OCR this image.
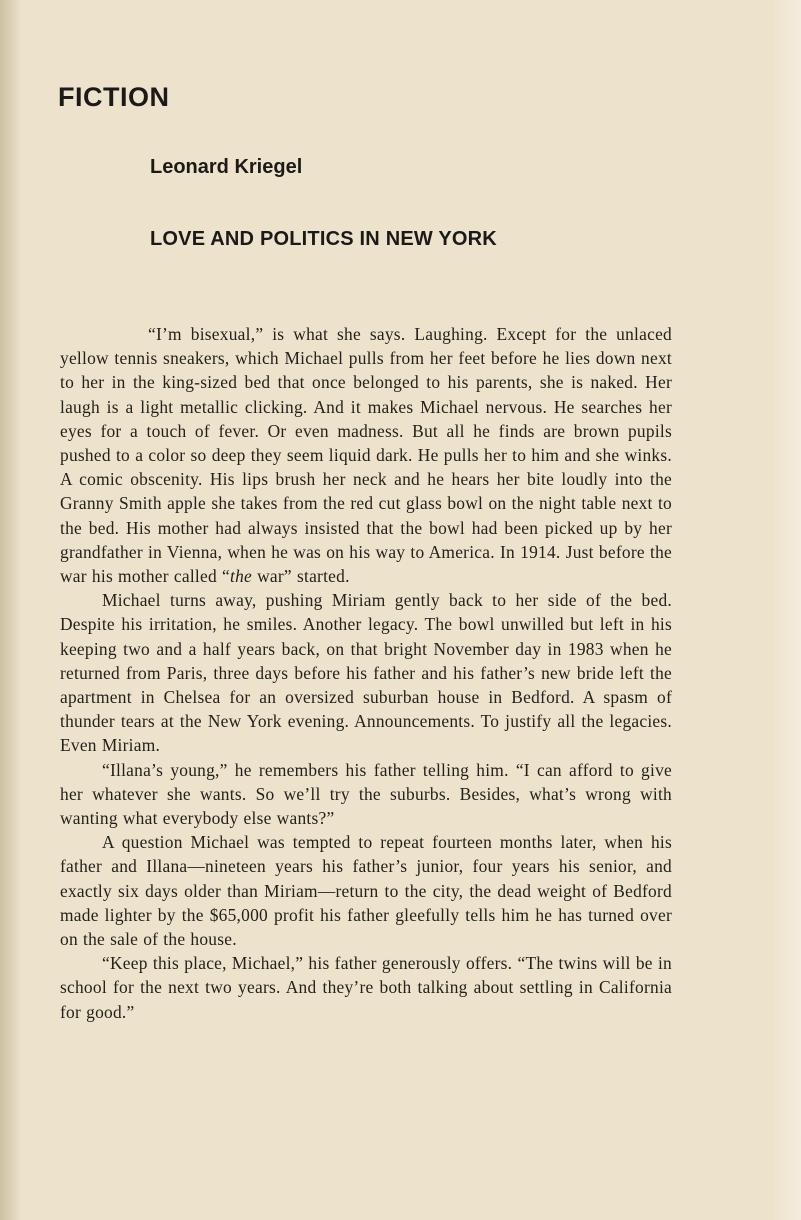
FICTION
Leonard Kriegel
LOVE AND POLITICS IN NEW YORK

“I’m bisexual,” is what she says. Laughing. Except for the unlaced yellow tennis sneakers, which Michael pulls from her feet before he lies down next to her in the king-sized bed that once belonged to his parents, she is naked. Her laugh is a light metallic clicking. And it makes Michael nervous. He searches her eyes for a touch of fever. Or even madness. But all he finds are brown pupils pushed to a color so deep they seem liquid dark. He pulls her to him and she winks. A comic obscenity. His lips brush her neck and he hears her bite loudly into the Granny Smith apple she takes from the red cut glass bowl on the night table next to the bed. His mother had always insisted that the bowl had been picked up by her grandfather in Vienna, when he was on his way to America. In 1914. Just before the war his mother called “the war” started.

Michael turns away, pushing Miriam gently back to her side of the bed. Despite his irritation, he smiles. Another legacy. The bowl unwilled but left in his keeping two and a half years back, on that bright November day in 1983 when he returned from Paris, three days before his father and his father’s new bride left the apartment in Chelsea for an oversized suburban house in Bedford. A spasm of thunder tears at the New York evening. Announcements. To justify all the legacies. Even Miriam.

“Illana’s young,” he remembers his father telling him. “I can afford to give her whatever she wants. So we’ll try the suburbs. Besides, what’s wrong with wanting what everybody else wants?”

A question Michael was tempted to repeat fourteen months later, when his father and Illana—nineteen years his father’s junior, four years his senior, and exactly six days older than Miriam—return to the city, the dead weight of Bedford made lighter by the $65,000 profit his father gleefully tells him he has turned over on the sale of the house.

“Keep this place, Michael,” his father generously offers. “The twins will be in school for the next two years. And they’re both talking about settling in California for good.”
